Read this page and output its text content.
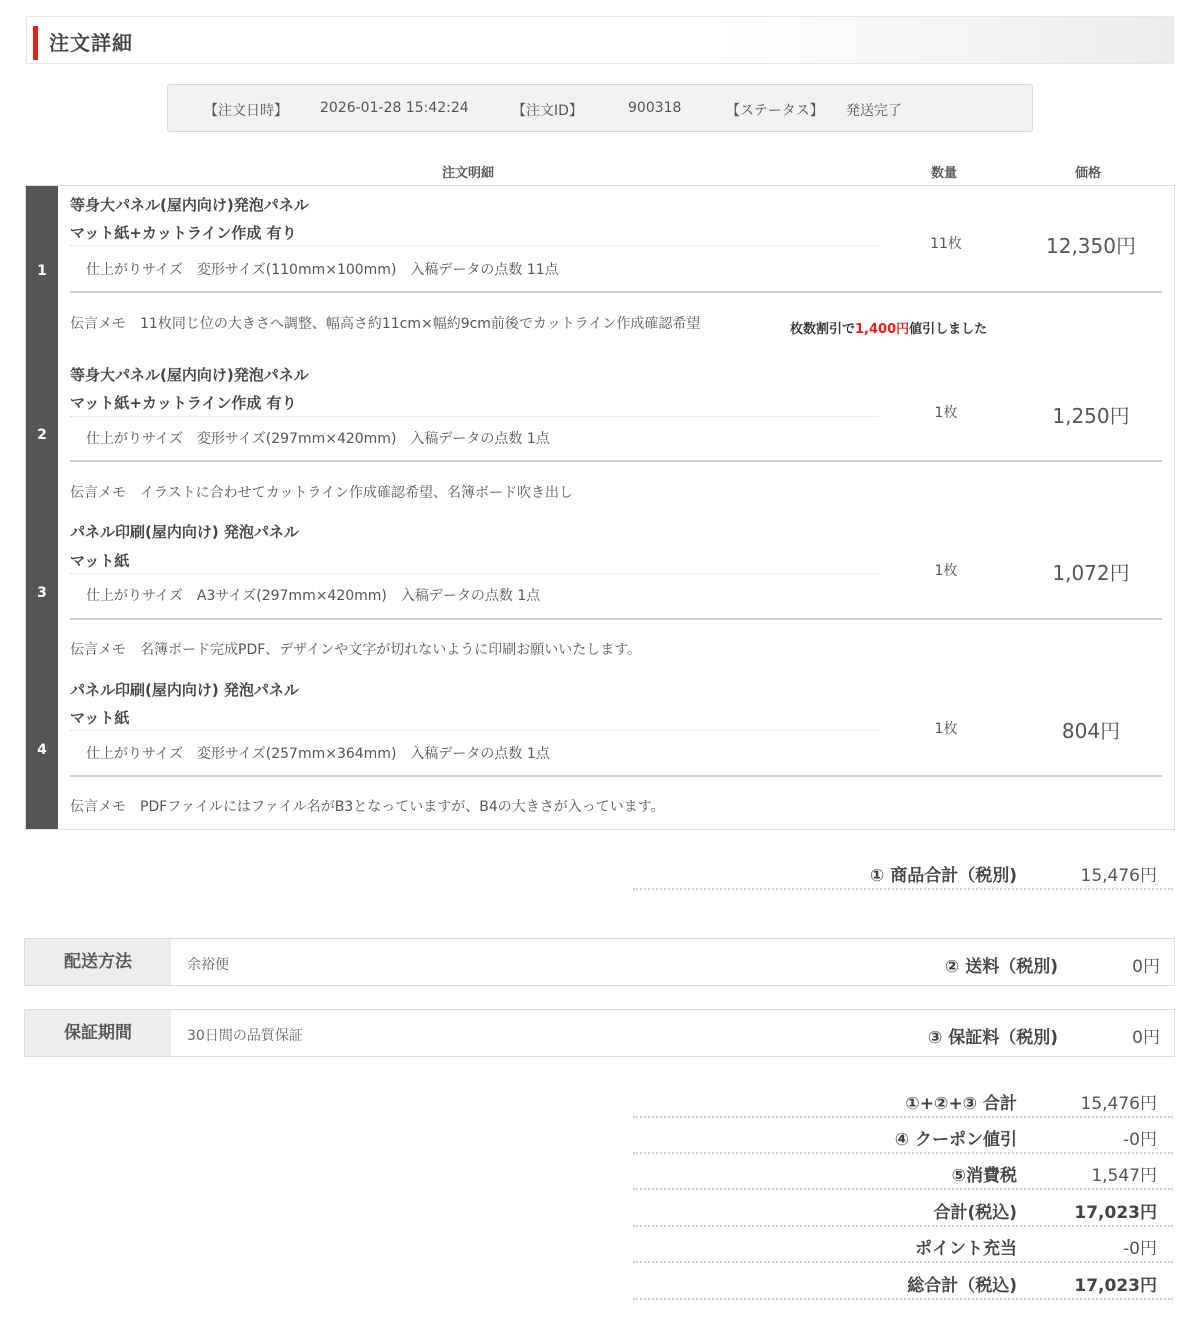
注文詳細
【注文日時】 2026-01-28 15:42:24	【注文ID】	900318	【ステータス】 発送完了
注文明細	数量	価格
1
等身大パネル(屋内向け)発泡パネル
マット紙+カットライン作成 有り
仕上がりサイズ　変形サイズ(110mm×100mm)　入稿データの点数 11点
11枚	12,350円
伝言メモ　11枚同じ位の大きさへ調整、幅高さ約11cm×幅約9cm前後でカットライン作成確認希望	枚数割引で1,400円値引しました
2
等身大パネル(屋内向け)発泡パネル
マット紙+カットライン作成 有り
仕上がりサイズ　変形サイズ(297mm×420mm)　入稿データの点数 1点
1枚	1,250円
伝言メモ　イラストに合わせてカットライン作成確認希望、名簿ボード吹き出し
3
パネル印刷(屋内向け) 発泡パネル
マット紙
仕上がりサイズ　A3サイズ(297mm×420mm)　入稿データの点数 1点
1枚	1,072円
伝言メモ　名簿ボード完成PDF、デザインや文字が切れないように印刷お願いいたします。
4
パネル印刷(屋内向け) 発泡パネル
マット紙
仕上がりサイズ　変形サイズ(257mm×364mm)　入稿データの点数 1点
1枚	804円
伝言メモ　PDFファイルにはファイル名がB3となっていますが、B4の大きさが入っています。
① 商品合計（税別)	15,476円
配送方法	余裕便	② 送料（税別)	0円
保証期間	30日間の品質保証	③ 保証料（税別)	0円
①+②+③ 合計	15,476円
④ クーポン値引	-0円
⑤消費税	1,547円
合計(税込)	17,023円
ポイント充当	-0円
総合計（税込)	17,023円
